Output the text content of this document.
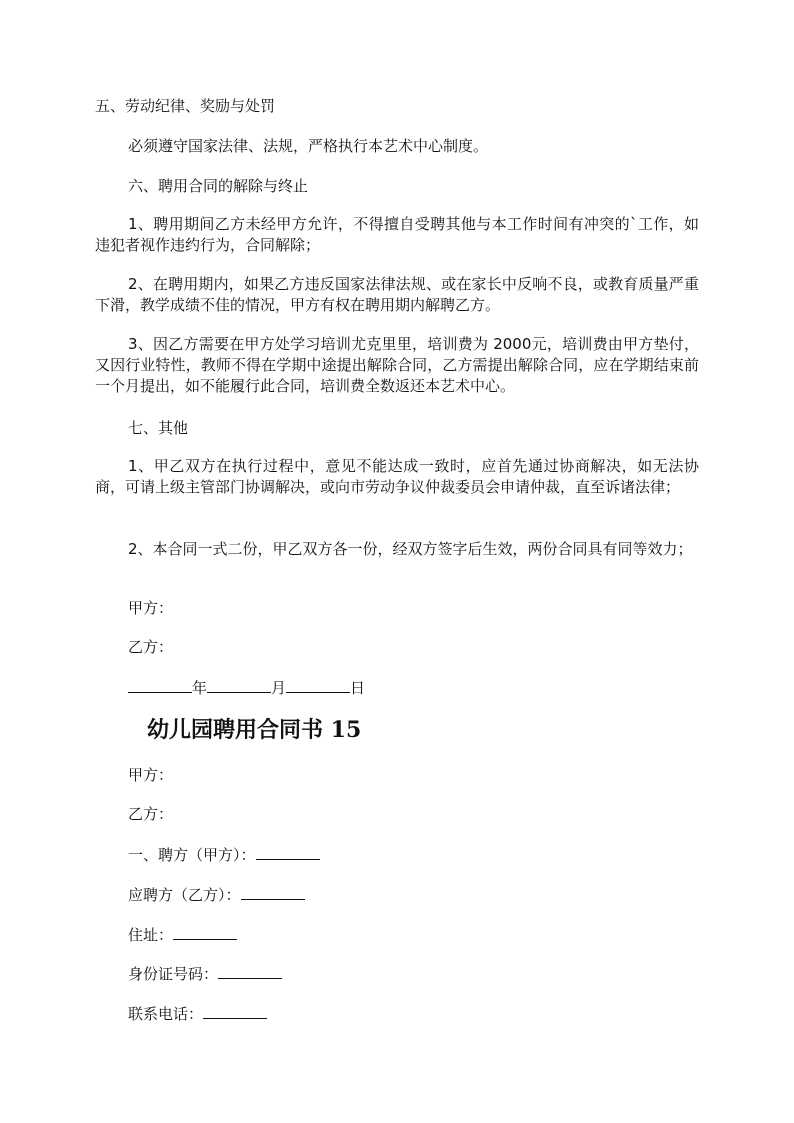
五、劳动纪律、奖励与处罚
必须遵守国家法律、法规，严格执行本艺术中心制度。
六、聘用合同的解除与终止
1、聘用期间乙方未经甲方允许，不得擅自受聘其他与本工作时间有冲突的`工作，如违犯者视作违约行为，合同解除；
2、在聘用期内，如果乙方违反国家法律法规、或在家长中反响不良，或教育质量严重下滑，教学成绩不佳的情况，甲方有权在聘用期内解聘乙方。
3、因乙方需要在甲方处学习培训尤克里里，培训费为 2000元，培训费由甲方垫付，又因行业特性，教师不得在学期中途提出解除合同，乙方需提出解除合同，应在学期结束前一个月提出，如不能履行此合同，培训费全数返还本艺术中心。
七、其他
1、甲乙双方在执行过程中，意见不能达成一致时，应首先通过协商解决，如无法协商，可请上级主管部门协调解决，或向市劳动争议仲裁委员会申请仲裁，直至诉诸法律；
2、本合同一式二份，甲乙双方各一份，经双方签字后生效，两份合同具有同等效力；
甲方：
乙方：
年	月	日
幼儿园聘用合同书 15
甲方：
乙方：
一、聘方（甲方）：
应聘方（乙方）：
住址：
身份证号码：
联系电话：
